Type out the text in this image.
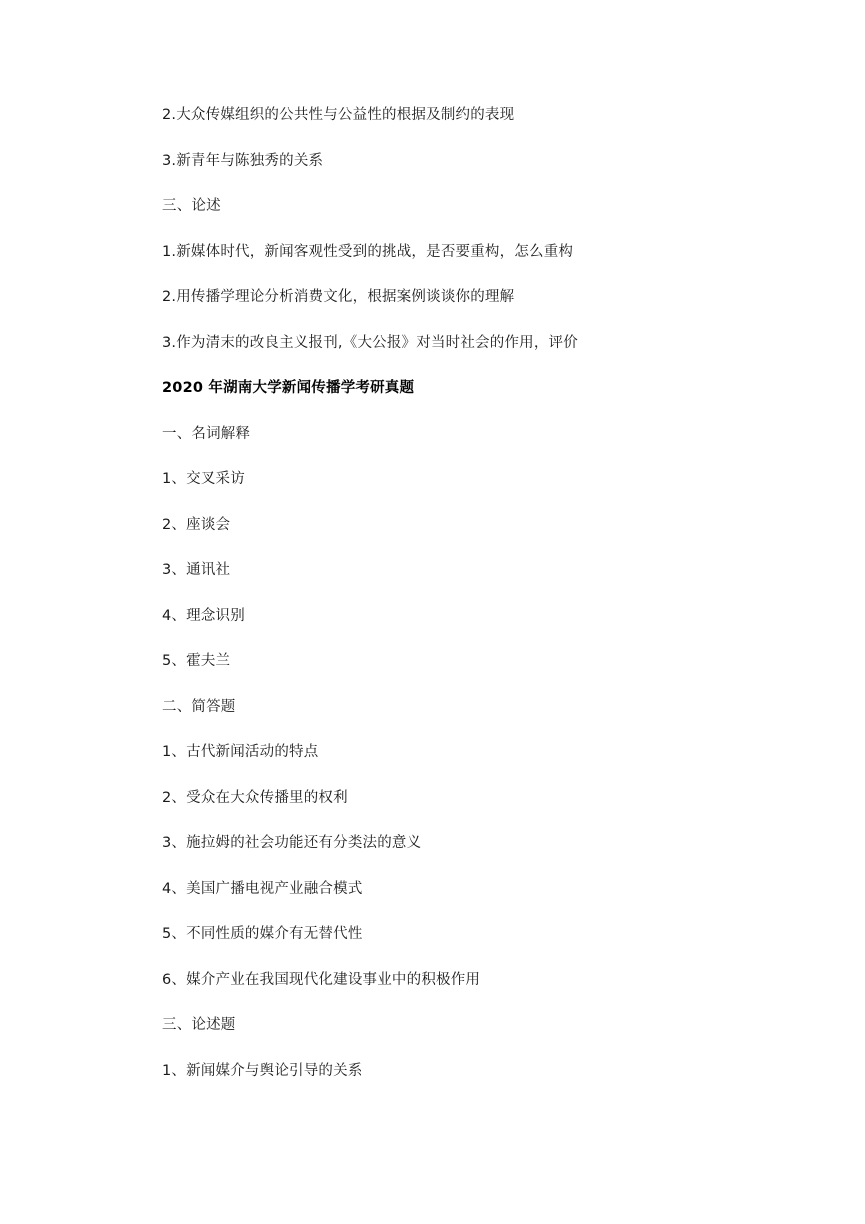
2.大众传媒组织的公共性与公益性的根据及制约的表现
3.新青年与陈独秀的关系
三、论述
1.新媒体时代，新闻客观性受到的挑战，是否要重构，怎么重构
2.用传播学理论分析消费文化，根据案例谈谈你的理解
3.作为清末的改良主义报刊,《大公报》对当时社会的作用，评价
2020 年湖南大学新闻传播学考研真题
一、名词解释
1、交叉采访
2、座谈会
3、通讯社
4、理念识别
5、霍夫兰
二、简答题
1、古代新闻活动的特点
2、受众在大众传播里的权利
3、施拉姆的社会功能还有分类法的意义
4、美国广播电视产业融合模式
5、不同性质的媒介有无替代性
6、媒介产业在我国现代化建设事业中的积极作用
三、论述题
1、新闻媒介与舆论引导的关系
